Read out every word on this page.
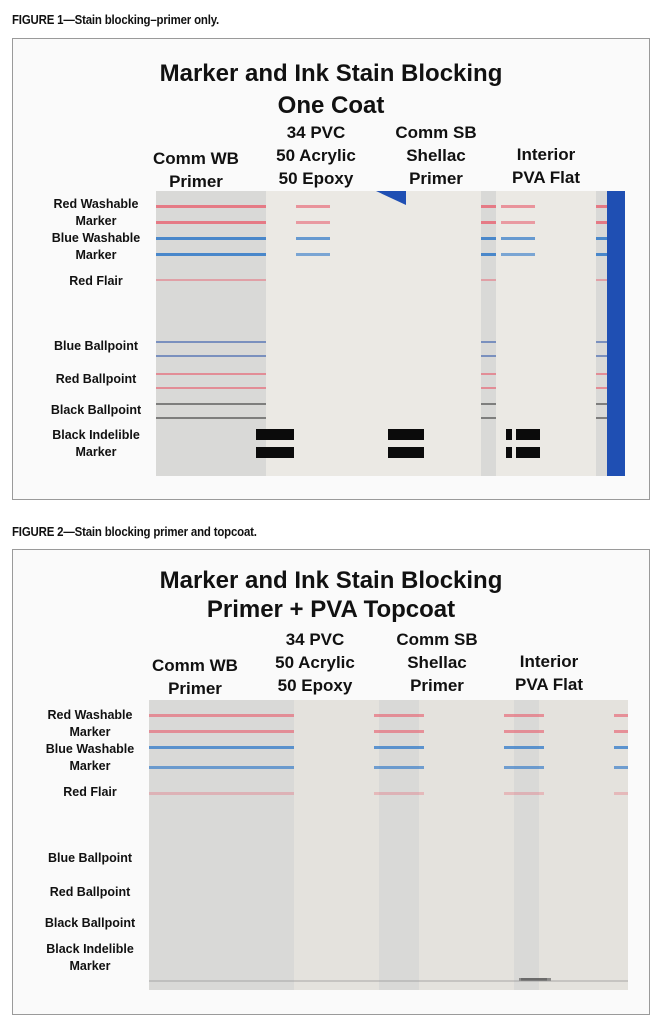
FIGURE 1—Stain blocking–primer only.
Marker and Ink Stain Blocking
One Coat
Comm WB
Primer
34 PVC
50 Acrylic
50 Epoxy
Comm SB
Shellac
Primer
Interior
PVA Flat
Red Washable
Marker
Blue Washable
Marker
Red Flair
Blue Ballpoint
Red Ballpoint
Black Ballpoint
Black Indelible
Marker
FIGURE 2—Stain blocking primer and topcoat.
Marker and Ink Stain Blocking
Primer + PVA Topcoat
Comm WB
Primer
34 PVC
50 Acrylic
50 Epoxy
Comm SB
Shellac
Primer
Interior
PVA Flat
Red Washable
Marker
Blue Washable
Marker
Red Flair
Blue Ballpoint
Red Ballpoint
Black Ballpoint
Black Indelible
Marker
